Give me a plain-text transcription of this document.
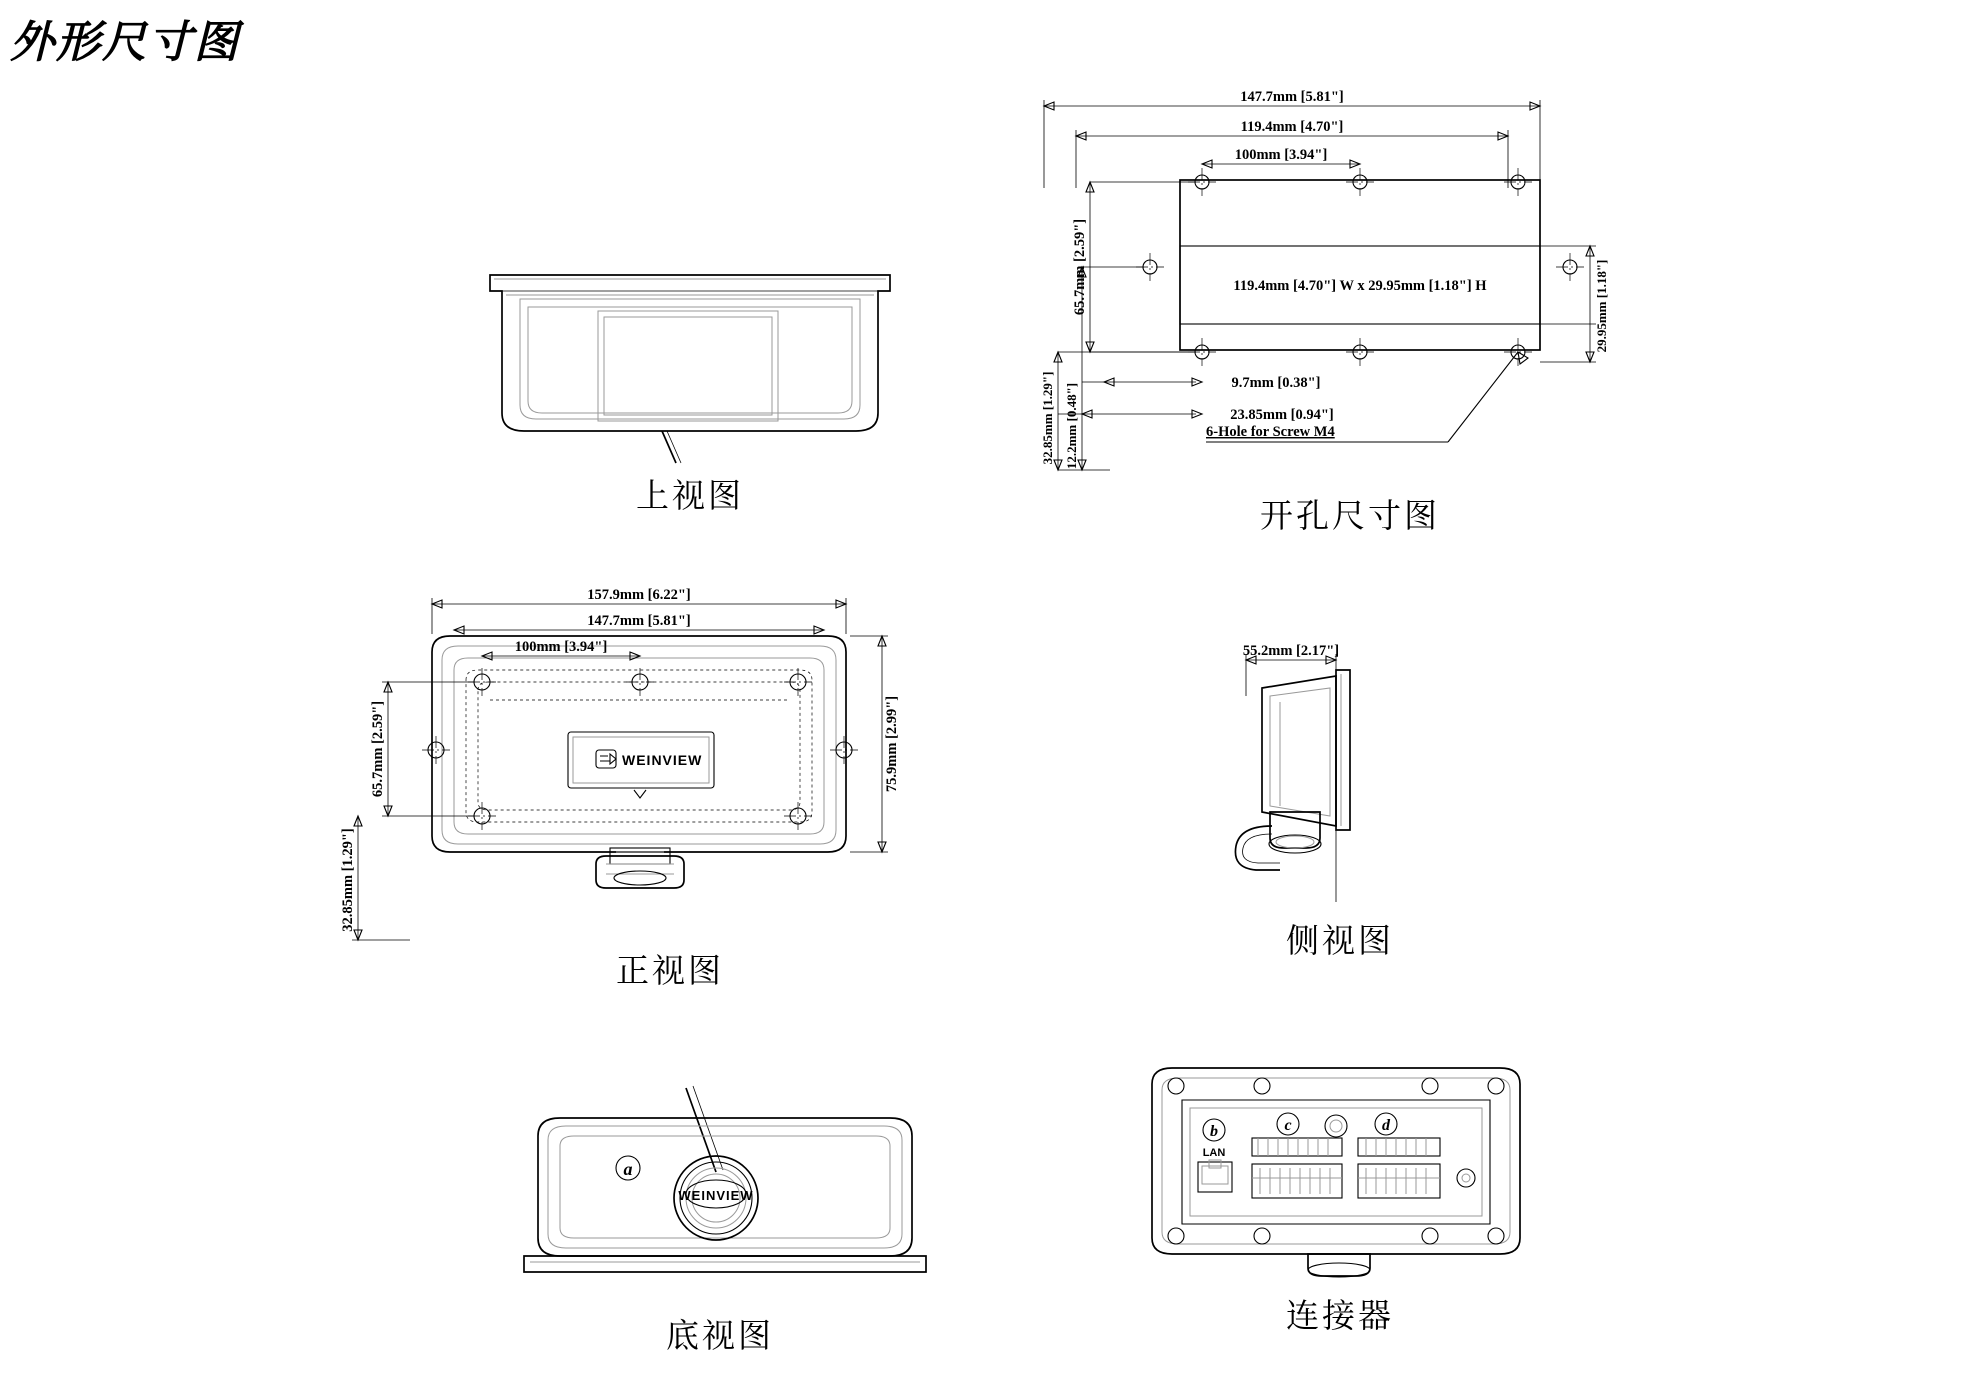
外形尺寸图
上视图
147.7mm [5.81"]
119.4mm [4.70"]
100mm [3.94"]
119.4mm [4.70"] W x 29.95mm [1.18"] H
65.7mm [2.59"]
32.85mm [1.29"] 12.2mm [0.48"]	9.7mm [0.38"]
23.85mm [0.94"]
29.95mm [1.18"]
6-Hole for Screw M4
开孔尺寸图
WEINVIEW
157.9mm [6.22"]
147.7mm [5.81"]
100mm [3.94"]
65.7mm [2.59"]
32.85mm [1.29"]
75.9mm [2.99"]
正视图
55.2mm [2.17"]
侧视图
a
WEINVIEW
底视图
b	c	d
LAN
连接器
